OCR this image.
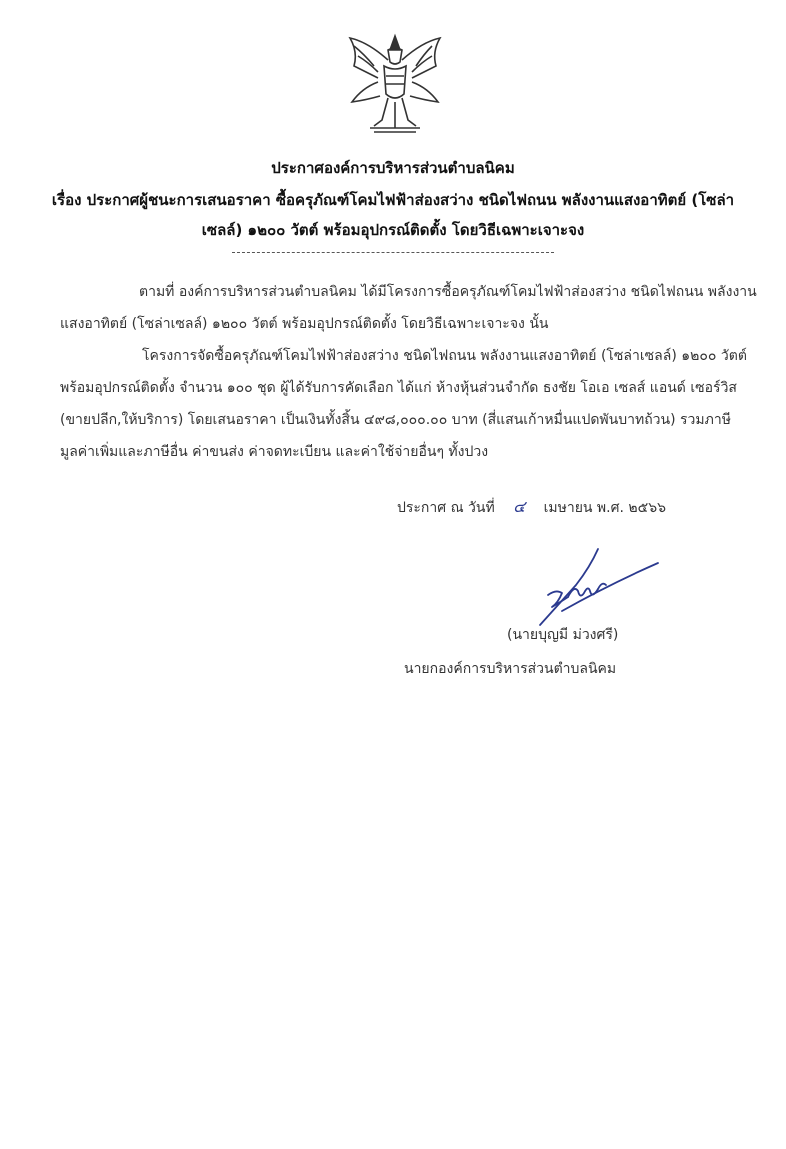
ประกาศองค์การบริหารส่วนตำบลนิคม
เรื่อง ประกาศผู้ชนะการเสนอราคา ซื้อครุภัณฑ์โคมไฟฟ้าส่องสว่าง ชนิดไฟถนน พลังงานแสงอาทิตย์ (โซล่า
เซลล์) ๑๒๐๐ วัตต์ พร้อมอุปกรณ์ติดตั้ง โดยวิธีเฉพาะเจาะจง
ตามที่ องค์การบริหารส่วนตำบลนิคม ได้มีโครงการซื้อครุภัณฑ์โคมไฟฟ้าส่องสว่าง ชนิดไฟถนน พลังงาน
แสงอาทิตย์ (โซล่าเซลล์) ๑๒๐๐ วัตต์ พร้อมอุปกรณ์ติดตั้ง โดยวิธีเฉพาะเจาะจง นั้น
โครงการจัดซื้อครุภัณฑ์โคมไฟฟ้าส่องสว่าง ชนิดไฟถนน พลังงานแสงอาทิตย์ (โซล่าเซลล์) ๑๒๐๐ วัตต์
พร้อมอุปกรณ์ติดตั้ง จำนวน ๑๐๐ ชุด ผู้ได้รับการคัดเลือก ได้แก่ ห้างหุ้นส่วนจำกัด ธงชัย โอเอ เซลส์ แอนด์ เซอร์วิส
(ขายปลีก,ให้บริการ) โดยเสนอราคา เป็นเงินทั้งสิ้น ๔๙๘,๐๐๐.๐๐ บาท (สี่แสนเก้าหมื่นแปดพันบาทถ้วน) รวมภาษี
มูลค่าเพิ่มและภาษีอื่น ค่าขนส่ง ค่าจดทะเบียน และค่าใช้จ่ายอื่นๆ ทั้งปวง
ประกาศ ณ วันที่ ๔ เมษายน พ.ศ. ๒๕๖๖
(นายบุญมี ม่วงศรี)
นายกองค์การบริหารส่วนตำบลนิคม
